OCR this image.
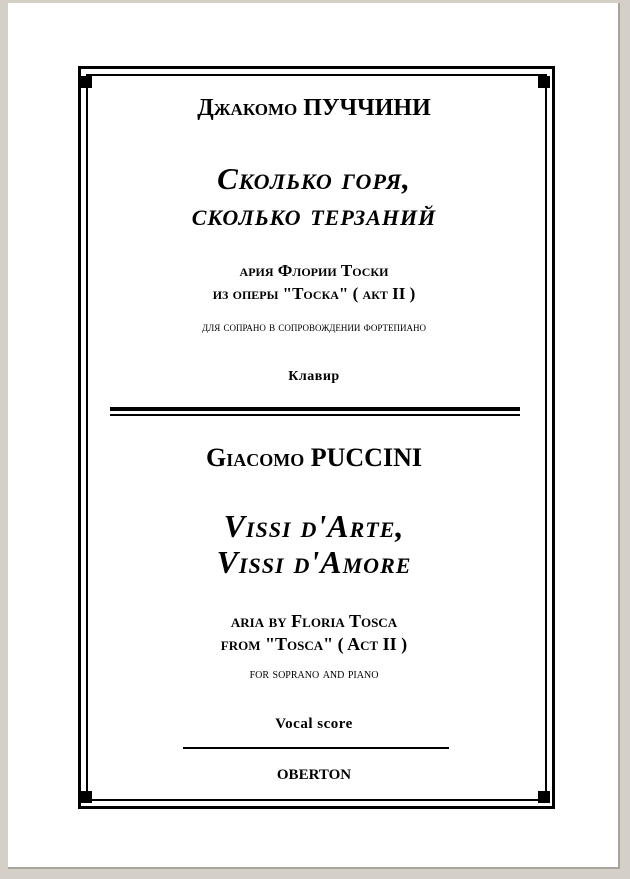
Джакомо ПУЧЧИНИ
Сколько горя,
сколько терзаний
ария Флории Тоски
из оперы "Тоска" ( акт II )
для сопрано в сопровождении фортепиано
Клавир
Giacomo PUCCINI
Vissi d'Arte,
Vissi d'Amore
aria by Floria Tosca
from "Tosca" ( Act II )
for soprano and piano
Vocal score
OBERTON
